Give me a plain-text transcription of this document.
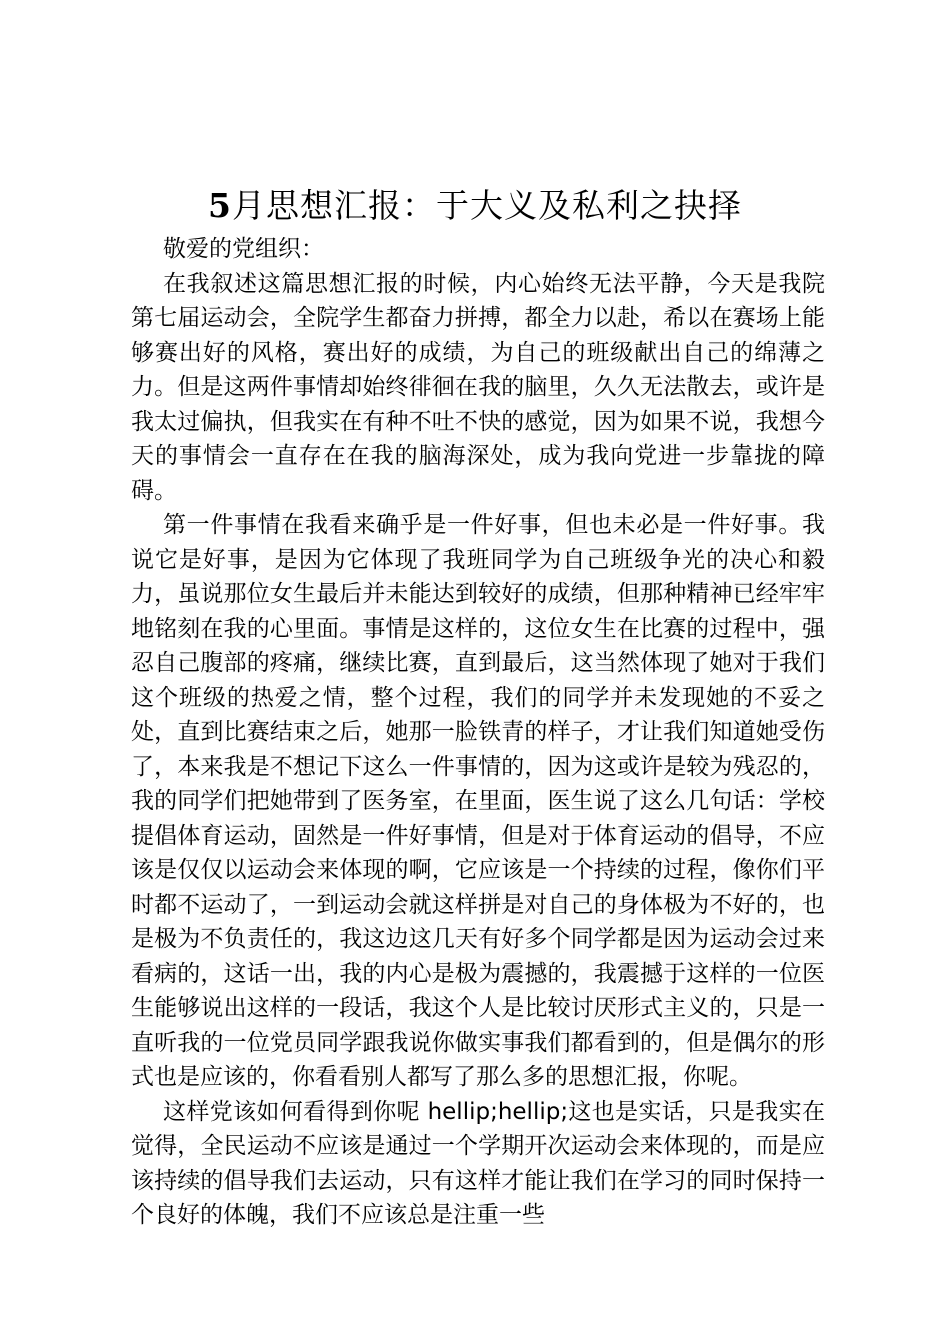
5月思想汇报：于大义及私利之抉择

敬爱的党组织：

在我叙述这篇思想汇报的时候，内心始终无法平静，今天是我院第七届运动会，全院学生都奋力拼搏，都全力以赴，希以在赛场上能够赛出好的风格，赛出好的成绩，为自己的班级献出自己的绵薄之力。但是这两件事情却始终徘徊在我的脑里，久久无法散去，或许是我太过偏执，但我实在有种不吐不快的感觉，因为如果不说，我想今天的事情会一直存在在我的脑海深处，成为我向党进一步靠拢的障碍。

第一件事情在我看来确乎是一件好事，但也未必是一件好事。我说它是好事，是因为它体现了我班同学为自己班级争光的决心和毅力，虽说那位女生最后并未能达到较好的成绩，但那种精神已经牢牢地铭刻在我的心里面。事情是这样的，这位女生在比赛的过程中，强忍自己腹部的疼痛，继续比赛，直到最后，这当然体现了她对于我们这个班级的热爱之情，整个过程，我们的同学并未发现她的不妥之处，直到比赛结束之后，她那一脸铁青的样子，才让我们知道她受伤了，本来我是不想记下这么一件事情的，因为这或许是较为残忍的，我的同学们把她带到了医务室，在里面，医生说了这么几句话：学校提倡体育运动，固然是一件好事情，但是对于体育运动的倡导，不应该是仅仅以运动会来体现的啊，它应该是一个持续的过程，像你们平时都不运动了，一到运动会就这样拼是对自己的身体极为不好的，也是极为不负责任的，我这边这几天有好多个同学都是因为运动会过来看病的，这话一出，我的内心是极为震撼的，我震撼于这样的一位医生能够说出这样的一段话，我这个人是比较讨厌形式主义的，只是一直听我的一位党员同学跟我说你做实事我们都看到的，但是偶尔的形式也是应该的，你看看别人都写了那么多的思想汇报，你呢。

这样党该如何看得到你呢 hellip;hellip;这也是实话，只是我实在觉得，全民运动不应该是通过一个学期开次运动会来体现的，而是应该持续的倡导我们去运动，只有这样才能让我们在学习的同时保持一个良好的体魄，我们不应该总是注重一些
